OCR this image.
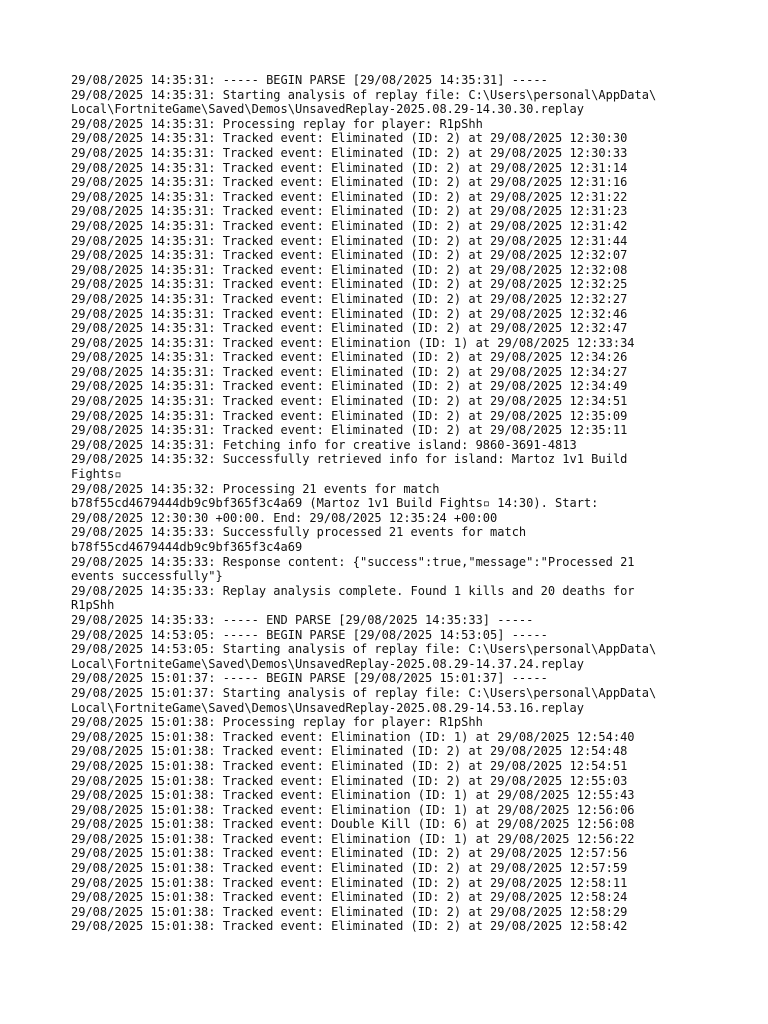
29/08/2025 14:35:31: ----- BEGIN PARSE [29/08/2025 14:35:31] -----
29/08/2025 14:35:31: Starting analysis of replay file: C:\Users\personal\AppData\
Local\FortniteGame\Saved\Demos\UnsavedReplay-2025.08.29-14.30.30.replay
29/08/2025 14:35:31: Processing replay for player: R1pShh
29/08/2025 14:35:31: Tracked event: Eliminated (ID: 2) at 29/08/2025 12:30:30
29/08/2025 14:35:31: Tracked event: Eliminated (ID: 2) at 29/08/2025 12:30:33
29/08/2025 14:35:31: Tracked event: Eliminated (ID: 2) at 29/08/2025 12:31:14
29/08/2025 14:35:31: Tracked event: Eliminated (ID: 2) at 29/08/2025 12:31:16
29/08/2025 14:35:31: Tracked event: Eliminated (ID: 2) at 29/08/2025 12:31:22
29/08/2025 14:35:31: Tracked event: Eliminated (ID: 2) at 29/08/2025 12:31:23
29/08/2025 14:35:31: Tracked event: Eliminated (ID: 2) at 29/08/2025 12:31:42
29/08/2025 14:35:31: Tracked event: Eliminated (ID: 2) at 29/08/2025 12:31:44
29/08/2025 14:35:31: Tracked event: Eliminated (ID: 2) at 29/08/2025 12:32:07
29/08/2025 14:35:31: Tracked event: Eliminated (ID: 2) at 29/08/2025 12:32:08
29/08/2025 14:35:31: Tracked event: Eliminated (ID: 2) at 29/08/2025 12:32:25
29/08/2025 14:35:31: Tracked event: Eliminated (ID: 2) at 29/08/2025 12:32:27
29/08/2025 14:35:31: Tracked event: Eliminated (ID: 2) at 29/08/2025 12:32:46
29/08/2025 14:35:31: Tracked event: Eliminated (ID: 2) at 29/08/2025 12:32:47
29/08/2025 14:35:31: Tracked event: Elimination (ID: 1) at 29/08/2025 12:33:34
29/08/2025 14:35:31: Tracked event: Eliminated (ID: 2) at 29/08/2025 12:34:26
29/08/2025 14:35:31: Tracked event: Eliminated (ID: 2) at 29/08/2025 12:34:27
29/08/2025 14:35:31: Tracked event: Eliminated (ID: 2) at 29/08/2025 12:34:49
29/08/2025 14:35:31: Tracked event: Eliminated (ID: 2) at 29/08/2025 12:34:51
29/08/2025 14:35:31: Tracked event: Eliminated (ID: 2) at 29/08/2025 12:35:09
29/08/2025 14:35:31: Tracked event: Eliminated (ID: 2) at 29/08/2025 12:35:11
29/08/2025 14:35:31: Fetching info for creative island: 9860-3691-4813
29/08/2025 14:35:32: Successfully retrieved info for island: Martoz 1v1 Build
Fights▫
29/08/2025 14:35:32: Processing 21 events for match
b78f55cd4679444db9c9bf365f3c4a69 (Martoz 1v1 Build Fights▫ 14:30). Start:
29/08/2025 12:30:30 +00:00. End: 29/08/2025 12:35:24 +00:00
29/08/2025 14:35:33: Successfully processed 21 events for match
b78f55cd4679444db9c9bf365f3c4a69
29/08/2025 14:35:33: Response content: {"success":true,"message":"Processed 21
events successfully"}
29/08/2025 14:35:33: Replay analysis complete. Found 1 kills and 20 deaths for
R1pShh
29/08/2025 14:35:33: ----- END PARSE [29/08/2025 14:35:33] -----
29/08/2025 14:53:05: ----- BEGIN PARSE [29/08/2025 14:53:05] -----
29/08/2025 14:53:05: Starting analysis of replay file: C:\Users\personal\AppData\
Local\FortniteGame\Saved\Demos\UnsavedReplay-2025.08.29-14.37.24.replay
29/08/2025 15:01:37: ----- BEGIN PARSE [29/08/2025 15:01:37] -----
29/08/2025 15:01:37: Starting analysis of replay file: C:\Users\personal\AppData\
Local\FortniteGame\Saved\Demos\UnsavedReplay-2025.08.29-14.53.16.replay
29/08/2025 15:01:38: Processing replay for player: R1pShh
29/08/2025 15:01:38: Tracked event: Elimination (ID: 1) at 29/08/2025 12:54:40
29/08/2025 15:01:38: Tracked event: Eliminated (ID: 2) at 29/08/2025 12:54:48
29/08/2025 15:01:38: Tracked event: Eliminated (ID: 2) at 29/08/2025 12:54:51
29/08/2025 15:01:38: Tracked event: Eliminated (ID: 2) at 29/08/2025 12:55:03
29/08/2025 15:01:38: Tracked event: Elimination (ID: 1) at 29/08/2025 12:55:43
29/08/2025 15:01:38: Tracked event: Elimination (ID: 1) at 29/08/2025 12:56:06
29/08/2025 15:01:38: Tracked event: Double Kill (ID: 6) at 29/08/2025 12:56:08
29/08/2025 15:01:38: Tracked event: Elimination (ID: 1) at 29/08/2025 12:56:22
29/08/2025 15:01:38: Tracked event: Eliminated (ID: 2) at 29/08/2025 12:57:56
29/08/2025 15:01:38: Tracked event: Eliminated (ID: 2) at 29/08/2025 12:57:59
29/08/2025 15:01:38: Tracked event: Eliminated (ID: 2) at 29/08/2025 12:58:11
29/08/2025 15:01:38: Tracked event: Eliminated (ID: 2) at 29/08/2025 12:58:24
29/08/2025 15:01:38: Tracked event: Eliminated (ID: 2) at 29/08/2025 12:58:29
29/08/2025 15:01:38: Tracked event: Eliminated (ID: 2) at 29/08/2025 12:58:42
